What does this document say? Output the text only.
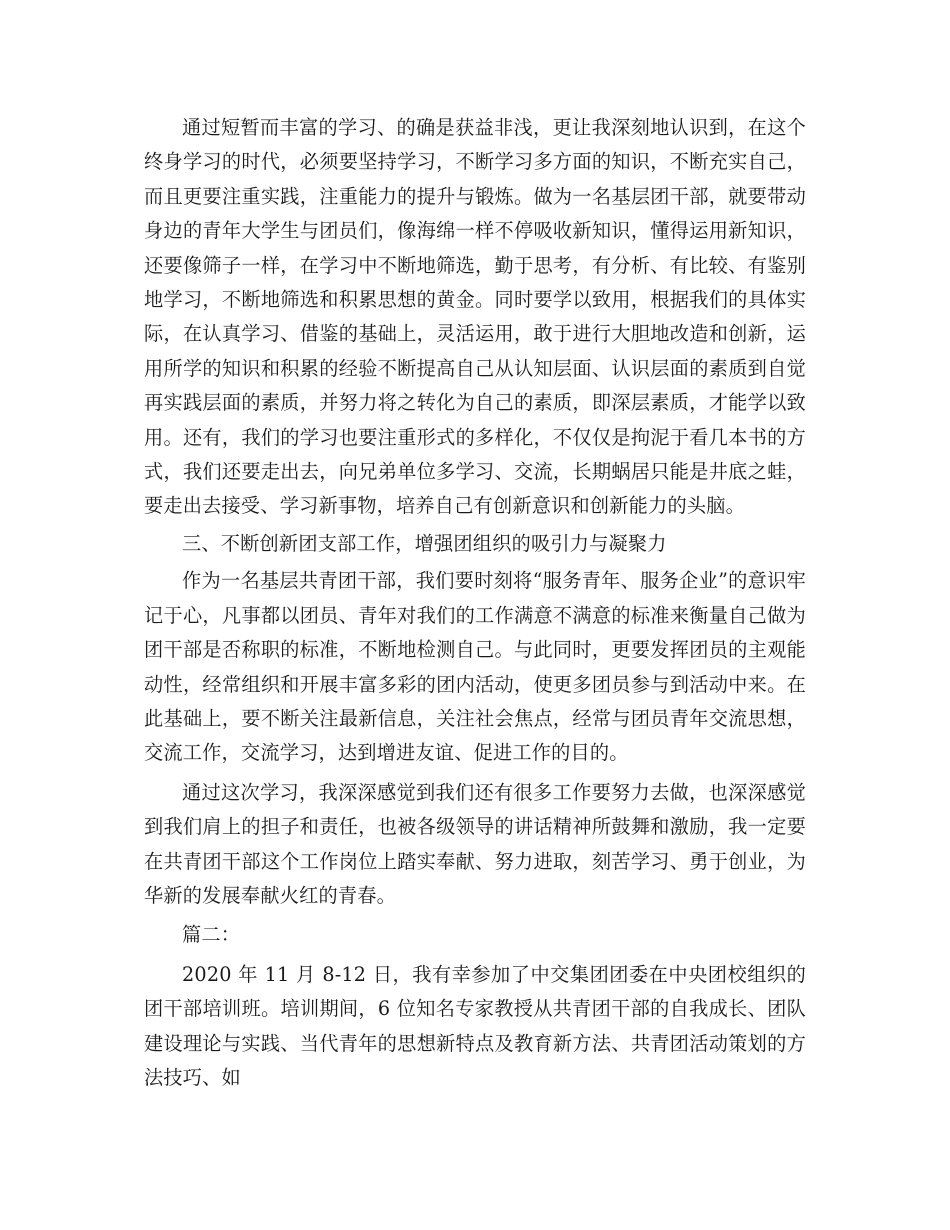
通过短暂而丰富的学习、的确是获益非浅，更让我深刻地认识到，在这个终身学习的时代，必须要坚持学习，不断学习多方面的知识，不断充实自己，而且更要注重实践，注重能力的提升与锻炼。做为一名基层团干部，就要带动身边的青年大学生与团员们，像海绵一样不停吸收新知识，懂得运用新知识，还要像筛子一样，在学习中不断地筛选，勤于思考，有分析、有比较、有鉴别地学习，不断地筛选和积累思想的黄金。同时要学以致用，根据我们的具体实际，在认真学习、借鉴的基础上，灵活运用，敢于进行大胆地改造和创新，运用所学的知识和积累的经验不断提高自己从认知层面、认识层面的素质到自觉再实践层面的素质，并努力将之转化为自己的素质，即深层素质，才能学以致用。还有，我们的学习也要注重形式的多样化，不仅仅是拘泥于看几本书的方式，我们还要走出去，向兄弟单位多学习、交流，长期蜗居只能是井底之蛙，要走出去接受、学习新事物，培养自己有创新意识和创新能力的头脑。

三、不断创新团支部工作，增强团组织的吸引力与凝聚力

作为一名基层共青团干部，我们要时刻将“服务青年、服务企业”的意识牢记于心，凡事都以团员、青年对我们的工作满意不满意的标准来衡量自己做为团干部是否称职的标准，不断地检测自己。与此同时，更要发挥团员的主观能动性，经常组织和开展丰富多彩的团内活动，使更多团员参与到活动中来。在此基础上，要不断关注最新信息，关注社会焦点，经常与团员青年交流思想，交流工作，交流学习，达到增进友谊、促进工作的目的。

通过这次学习，我深深感觉到我们还有很多工作要努力去做，也深深感觉到我们肩上的担子和责任，也被各级领导的讲话精神所鼓舞和激励，我一定要在共青团干部这个工作岗位上踏实奉献、努力进取，刻苦学习、勇于创业，为华新的发展奉献火红的青春。

篇二：

2020 年 11 月 8-12 日，我有幸参加了中交集团团委在中央团校组织的团干部培训班。培训期间，6 位知名专家教授从共青团干部的自我成长、团队建设理论与实践、当代青年的思想新特点及教育新方法、共青团活动策划的方法技巧、如
